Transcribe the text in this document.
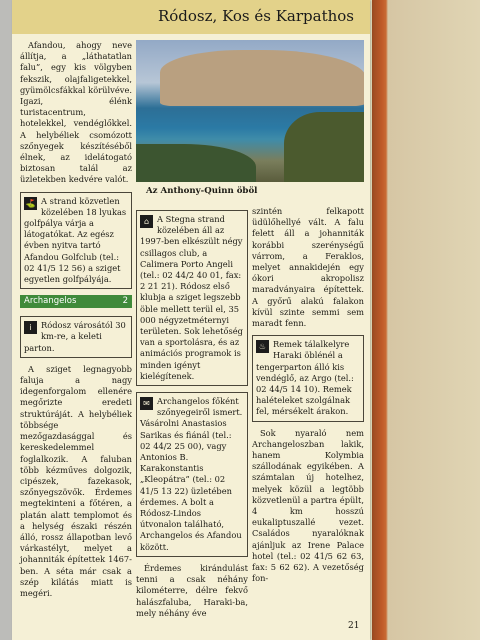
Ródosz, Kos és Karpathos
Az Anthony-Quinn öböl

Afandou, ahogy neve állítja, a „láthatatlan falu”, egy kis völgyben fekszik, olajfaligetekkel, gyümölcsfákkal körülvéve. Igazi, élénk turistacentrum, hotelekkel, vendéglőkkel. A helybéliek csomózott szőnyegek készítéséből élnek, az idelátogató biztosan talál az üzletekben kedvére valót.

⛳ A strand közvetlen közelében 18 lyukas golfpálya várja a látogatókat. Az egész évben nyitva tartó Afandou Golfclub (tel.: 02 41/5 12 56) a sziget egyetlen golfpályája.
Archangelos	2
i	Ródosz városától 30 km-re, a keleti parton.

A sziget legnagyobb faluja a nagy idegenforgalom ellenére megőrizte eredeti struktúráját. A helybéliek többsége mezőgazdasággal és kereskedelemmel foglalkozik. A faluban több kézműves dolgozik, cipészek, fazekasok, szőnyegszövők. Érdemes megtekinteni a főtéren, a platán alatt templomot és a helység északi részén álló, rossz állapotban levő várkastélyt, melyet a johanniták építettek 1467-ben. A séta már csak a szép kilátás miatt is megéri.

⌂ A Stegna strand közelében áll az 1997-ben elkészült négy csillagos club, a Calimera Porto Angeli (tel.: 02 44/2 40 01, fax: 2 21 21). Ródosz első klubja a sziget legszebb öble mellett terül el, 35 000 négyzetméternyi területen. Sok lehetőség van a sportolásra, és az animációs programok is minden igényt kielégítenek.
✉ Archangelos főként szőnyegeiről ismert. Vásárolni Anastasios Sarikas és fiánál (tel.: 02 44/2 25 00), vagy Antonios B. Karakonstantis „Kleopátra” (tel.: 02 41/5 13 22) üzletében érdemes. A bolt a Ródosz-Lindos útvonalon található, Archangelos és Afandou között.

Érdemes kirándulást tenni a csak néhány kilométerre, délre fekvő halászfaluba, Haraki-ba, mely néhány éve

szintén felkapott üdülőhellyé vált. A falu felett áll a johanniták korábbi szerénységű várrom, a Feraklos, melyet annakidején egy ókori akropolisz maradványaira építettek. A győrű alakú falakon kívül szinte semmi sem maradt fenn.

♨ Remek tálalkelyre Haraki öblénél a tengerparton álló kis vendéglő, az Argo (tel.: 02 44/5 14 10). Remek halételeket szolgálnak fel, mérsékelt árakon.

Sok nyaraló nem Archangeloszban lakik, hanem Kolymbia szállodának egyikében. A számtalan új hotelhez, melyek közül a legtöbb közvetlenül a partra épült, 4 km hosszú eukaliptuszallé vezet. Családos nyaralóknak ajánljuk az Irene Palace hotel (tel.: 02 41/5 62 63, fax: 5 62 62). A vezetőség fon-

21
